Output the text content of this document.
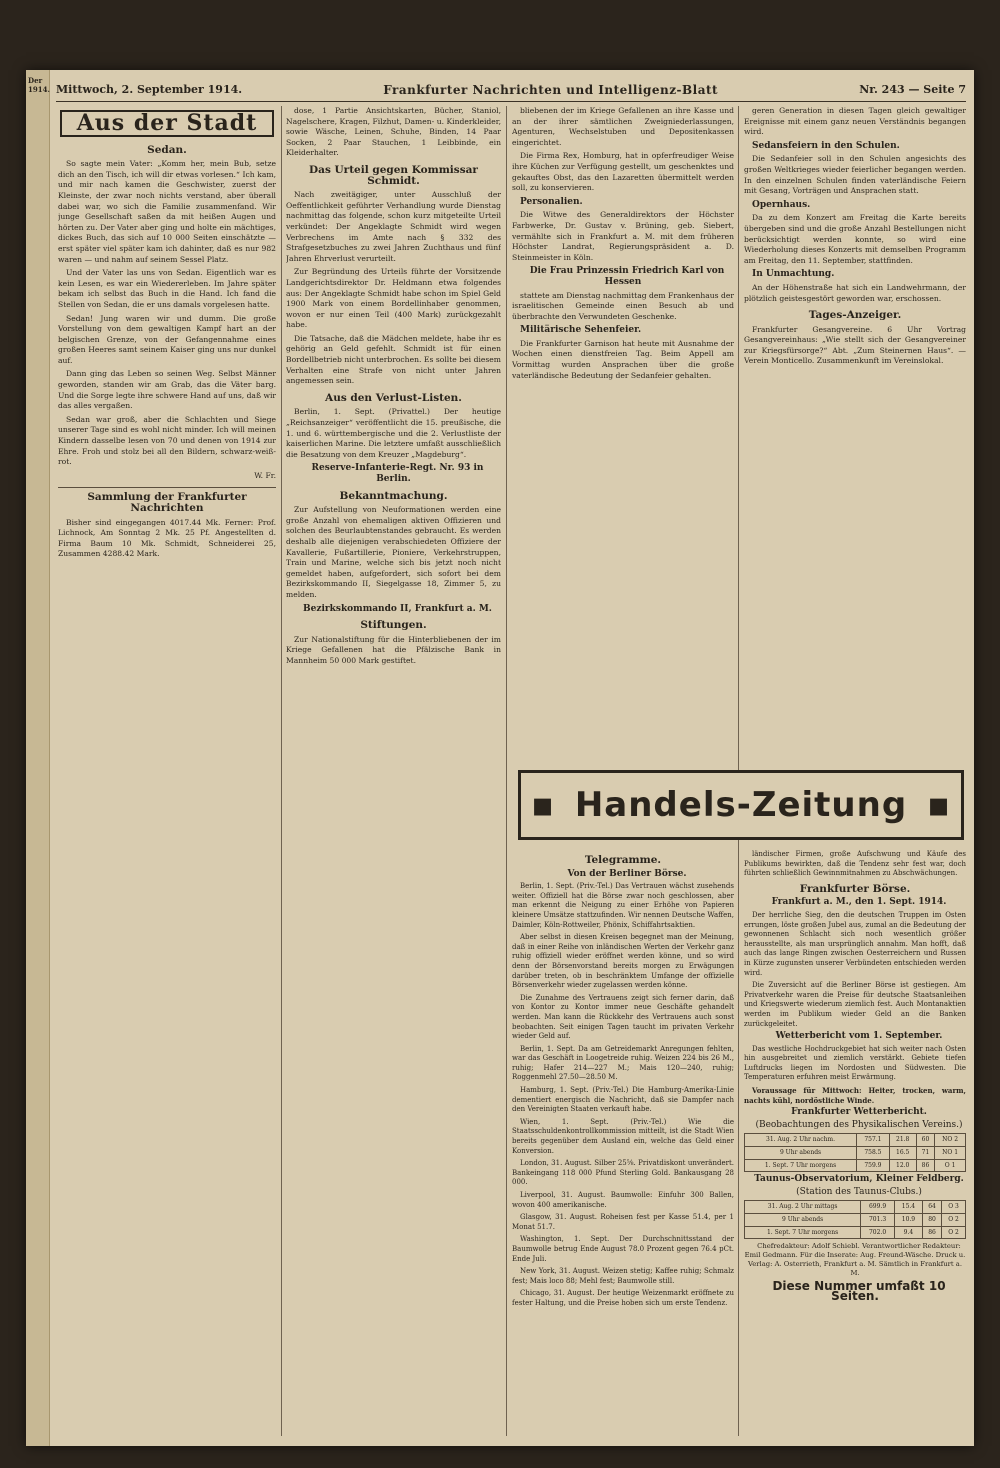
Mittwoch, 2. September 1914.	Frankfurter Nachrichten und Intelligenz-Blatt	Nr. 243 — Seite 7
Aus der Stadt
Sedan.

So sagte mein Vater: „Komm her, mein Bub, setze dich an den Tisch, ich will dir etwas vorlesen.“ Ich kam, und mir nach kamen die Geschwister, zuerst der Kleinste, der zwar noch nichts verstand, aber überall dabei war, wo sich die Familie zusammenfand. Wir junge Gesellschaft saßen da mit heißen Augen und hörten zu. Der Vater aber ging und holte ein mächtiges, dickes Buch, das sich auf 10 000 Seiten einschätzte — erst später viel später kam ich dahinter, daß es nur 982 waren — und nahm auf seinem Sessel Platz.

Und der Vater las uns von Sedan. Eigentlich war es kein Lesen, es war ein Wiedererleben. Im Jahre später bekam ich selbst das Buch in die Hand. Ich fand die Stellen von Sedan, die er uns damals vorgelesen hatte.

Sedan! Jung waren wir und dumm. Die große Vorstellung von dem gewaltigen Kampf hart an der belgischen Grenze, von der Gefangennahme eines großen Heeres samt seinem Kaiser ging uns nur dunkel auf.

Dann ging das Leben so seinen Weg. Selbst Männer geworden, standen wir am Grab, das die Väter barg. Und die Sorge legte ihre schwere Hand auf uns, daß wir das alles vergaßen.

Sedan war groß, aber die Schlachten und Siege unserer Tage sind es wohl nicht minder. Ich will meinen Kindern dasselbe lesen von 70 und denen von 1914 zur Ehre. Froh und stolz bei all den Bildern, schwarz-weiß-rot.

W. Fr.

Sammlung der Frankfurter Nachrichten

Bisher sind eingegangen 4017.44 Mk. Ferner: Prof. Lichnock, Am Sonntag 2 Mk. 25 Pf. Angestellten d. Firma Baum 10 Mk. Schmidt, Schneiderei 25, Zusammen 4288.42 Mark.

dose, 1 Partie Ansichtskarten, Bücher, Staniol, Nagelschere, Kragen, Filzhut, Damen- u. Kinderkleider, sowie Wäsche, Leinen, Schuhe, Binden, 14 Paar Socken, 2 Paar Stauchen, 1 Leibbinde, ein Kleiderhalter.

Das Urteil gegen Kommissar Schmidt.

Nach zweitägiger, unter Ausschluß der Oeffentlichkeit geführter Verhandlung wurde Dienstag nachmittag das folgende, schon kurz mitgeteilte Urteil verkündet: Der Angeklagte Schmidt wird wegen Verbrechens im Amte nach § 332 des Strafgesetzbuches zu zwei Jahren Zuchthaus und fünf Jahren Ehrverlust verurteilt.

Zur Begründung des Urteils führte der Vorsitzende Landgerichtsdirektor Dr. Heldmann etwa folgendes aus: Der Angeklagte Schmidt habe schon im Spiel Geld 1900 Mark von einem Bordellinhaber genommen, wovon er nur einen Teil (400 Mark) zurückgezahlt habe.

Die Tatsache, daß die Mädchen meldete, habe ihr es gehörig an Geld gefehlt. Schmidt ist für einen Bordellbetrieb nicht unterbrochen. Es sollte bei diesem Verhalten eine Strafe von nicht unter Jahren angemessen sein.

Aus den Verlust-Listen.

Berlin, 1. Sept. (Privattel.) Der heutige „Reichsanzeiger“ veröffentlicht die 15. preußische, die 1. und 6. württembergische und die 2. Verlustliste der kaiserlichen Marine. Die letztere umfaßt ausschließlich die Besatzung von dem Kreuzer „Magdeburg“.

Reserve-Infanterie-Regt. Nr. 93 in Berlin.

Bekanntmachung.

Zur Aufstellung von Neuformationen werden eine große Anzahl von ehemaligen aktiven Offizieren und solchen des Beurlaubtenstandes gebraucht. Es werden deshalb alle diejenigen verabschiedeten Offiziere der Kavallerie, Fußartillerie, Pioniere, Verkehrstruppen, Train und Marine, welche sich bis jetzt noch nicht gemeldet haben, aufgefordert, sich sofort bei dem Bezirkskommando II, Siegelgasse 18, Zimmer 5, zu melden.

Bezirkskommando II, Frankfurt a. M.

Stiftungen.

Zur Nationalstiftung für die Hinterbliebenen der im Kriege Gefallenen hat die Pfälzische Bank in Mannheim 50 000 Mark gestiftet.

bliebenen der im Kriege Gefallenen an ihre Kasse und an der ihrer sämtlichen Zweigniederlassungen, Agenturen, Wechselstuben und Depositenkassen eingerichtet.

Die Firma Rex, Homburg, hat in opferfreudiger Weise ihre Küchen zur Verfügung gestellt, um geschenktes und gekauftes Obst, das den Lazaretten übermittelt werden soll, zu konservieren.

Personalien.

Die Witwe des Generaldirektors der Höchster Farbwerke, Dr. Gustav v. Brüning, geb. Siebert, vermählte sich in Frankfurt a. M. mit dem früheren Höchster Landrat, Regierungspräsident a. D. Steinmeister in Köln.

Die Frau Prinzessin Friedrich Karl von Hessen

stattete am Dienstag nachmittag dem Frankenhaus der israelitischen Gemeinde einen Besuch ab und überbrachte den Verwundeten Geschenke.

Militärische Sehenfeier.

Die Frankfurter Garnison hat heute mit Ausnahme der Wochen einen dienstfreien Tag. Beim Appell am Vormittag wurden Ansprachen über die große vaterländische Bedeutung der Sedanfeier gehalten.

geren Generation in diesen Tagen gleich gewaltiger Ereignisse mit einem ganz neuen Verständnis begangen wird.

Sedansfeiern in den Schulen.

Die Sedanfeier soll in den Schulen angesichts des großen Weltkrieges wieder feierlicher begangen werden. In den einzelnen Schulen finden vaterländische Feiern mit Gesang, Vorträgen und Ansprachen statt.

Opernhaus.

Da zu dem Konzert am Freitag die Karte bereits übergeben sind und die große Anzahl Bestellungen nicht berücksichtigt werden konnte, so wird eine Wiederholung dieses Konzerts mit demselben Programm am Freitag, den 11. September, stattfinden.

In Unmachtung.

An der Höhenstraße hat sich ein Landwehrmann, der plötzlich geistesgestört geworden war, erschossen.

Tages-Anzeiger.

Frankfurter Gesangvereine. 6 Uhr Vortrag Gesangvereinhaus: „Wie stellt sich der Gesangvereiner zur Kriegsfürsorge?“ Abt. „Zum Steinernen Haus“. — Verein Monticello. Zusammenkunft im Vereinslokal.

▪ Handels-Zeitung ▪
Telegramme.

Von der Berliner Börse.

Berlin, 1. Sept. (Priv.-Tel.) Das Vertrauen wächst zusehends weiter. Offiziell hat die Börse zwar noch geschlossen, aber man erkennt die Neigung zu einer Erhöhe von Papieren kleinere Umsätze stattzufinden. Wir nennen Deutsche Waffen, Daimler, Köln-Rottweiler, Phönix, Schiffahrtsaktien.

Aber selbst in diesen Kreisen begegnet man der Meinung, daß in einer Reihe von inländischen Werten der Verkehr ganz ruhig offiziell wieder eröffnet werden könne, und so wird denn der Börsenvorstand bereits morgen zu Erwägungen darüber treten, ob in beschränktem Umfange der offizielle Börsenverkehr wieder zugelassen werden könne.

Die Zunahme des Vertrauens zeigt sich ferner darin, daß von Kontor zu Kontor immer neue Geschäfte gehandelt werden. Man kann die Rückkehr des Vertrauens auch sonst beobachten. Seit einigen Tagen taucht im privaten Verkehr wieder Geld auf.

Berlin, 1. Sept. Da am Getreidemarkt Anregungen fehlten, war das Geschäft in Loogetreide ruhig. Weizen 224 bis 26 M., ruhig; Hafer 214—227 M.; Mais 120—240, ruhig; Roggenmehl 27.50—28.50 M.

Hamburg, 1. Sept. (Priv.-Tel.) Die Hamburg-Amerika-Linie dementiert energisch die Nachricht, daß sie Dampfer nach den Vereinigten Staaten verkauft habe.

Wien, 1. Sept. (Priv.-Tel.) Wie die Staatsschuldenkontrollkommission mitteilt, ist die Stadt Wien bereits gegenüber dem Ausland ein, welche das Geld einer Konversion.

London, 31. August. Silber 25⅝. Privatdiskont unverändert. Bankeingang 118 000 Pfund Sterling Gold. Bankausgang 28 000.

Liverpool, 31. August. Baumwolle: Einfuhr 300 Ballen, wovon 400 amerikanische.

Glasgow, 31. August. Roheisen fest per Kasse 51.4, per 1 Monat 51.7.

Washington, 1. Sept. Der Durchschnittsstand der Baumwolle betrug Ende August 78.0 Prozent gegen 76.4 pCt. Ende Juli.

New York, 31. August. Weizen stetig; Kaffee ruhig; Schmalz fest; Mais loco 88; Mehl fest; Baumwolle still.

Chicago, 31. August. Der heutige Weizenmarkt eröffnete zu fester Haltung, und die Preise hoben sich um erste Tendenz.

ländischer Firmen, große Aufschwung und Käufe des Publikums bewirkten, daß die Tendenz sehr fest war, doch führten schließlich Gewinnmitnahmen zu Abschwächungen.

Frankfurter Börse.

Frankfurt a. M., den 1. Sept. 1914.

Der herrliche Sieg, den die deutschen Truppen im Osten errungen, löste großen Jubel aus, zumal an die Bedeutung der gewonnenen Schlacht sich noch wesentlich größer herausstellte, als man ursprünglich annahm. Man hofft, daß auch das lange Ringen zwischen Oesterreichern und Russen in Kürze zugunsten unserer Verbündeten entschieden werden wird.

Die Zuversicht auf die Berliner Börse ist gestiegen. Am Privatverkehr waren die Preise für deutsche Staatsanleihen und Kriegswerte wiederum ziemlich fest. Auch Montanaktien werden im Publikum wieder Geld an die Banken zurückgeleitet.

Wetterbericht vom 1. September.

Das westliche Hochdruckgebiet hat sich weiter nach Osten hin ausgebreitet und ziemlich verstärkt. Gebiete tiefen Luftdrucks liegen im Nordosten und Südwesten. Die Temperaturen erfuhren meist Erwärmung.

Voraussage für Mittwoch: Heiter, trocken, warm, nachts kühl, nordöstliche Winde.

Frankfurter Wetterbericht.

(Beobachtungen des Physikalischen Vereins.)

31. Aug. 2 Uhr nachm.	757.1	21.8	60	NO 2
9 Uhr abends	758.5	16.5	71	NO 1
1. Sept. 7 Uhr morgens	759.9	12.0	86	O 1

Taunus-Observatorium, Kleiner Feldberg.

(Station des Taunus-Clubs.)

31. Aug. 2 Uhr mittags	699.9	15.4	64	O 3
9 Uhr abends	701.3	10.9	80	O 2
1. Sept. 7 Uhr morgens	702.0	9.4	86	O 2

Chefredakteur: Adolf Schiebl. Verantwortlicher Redakteur: Emil Gedmann. Für die Inserate: Aug. Freund-Wäsche. Druck u. Verlag: A. Osterrieth, Frankfurt a. M. Sämtlich in Frankfurt a. M.

Diese Nummer umfaßt 10 Seiten.

Der 1914.
